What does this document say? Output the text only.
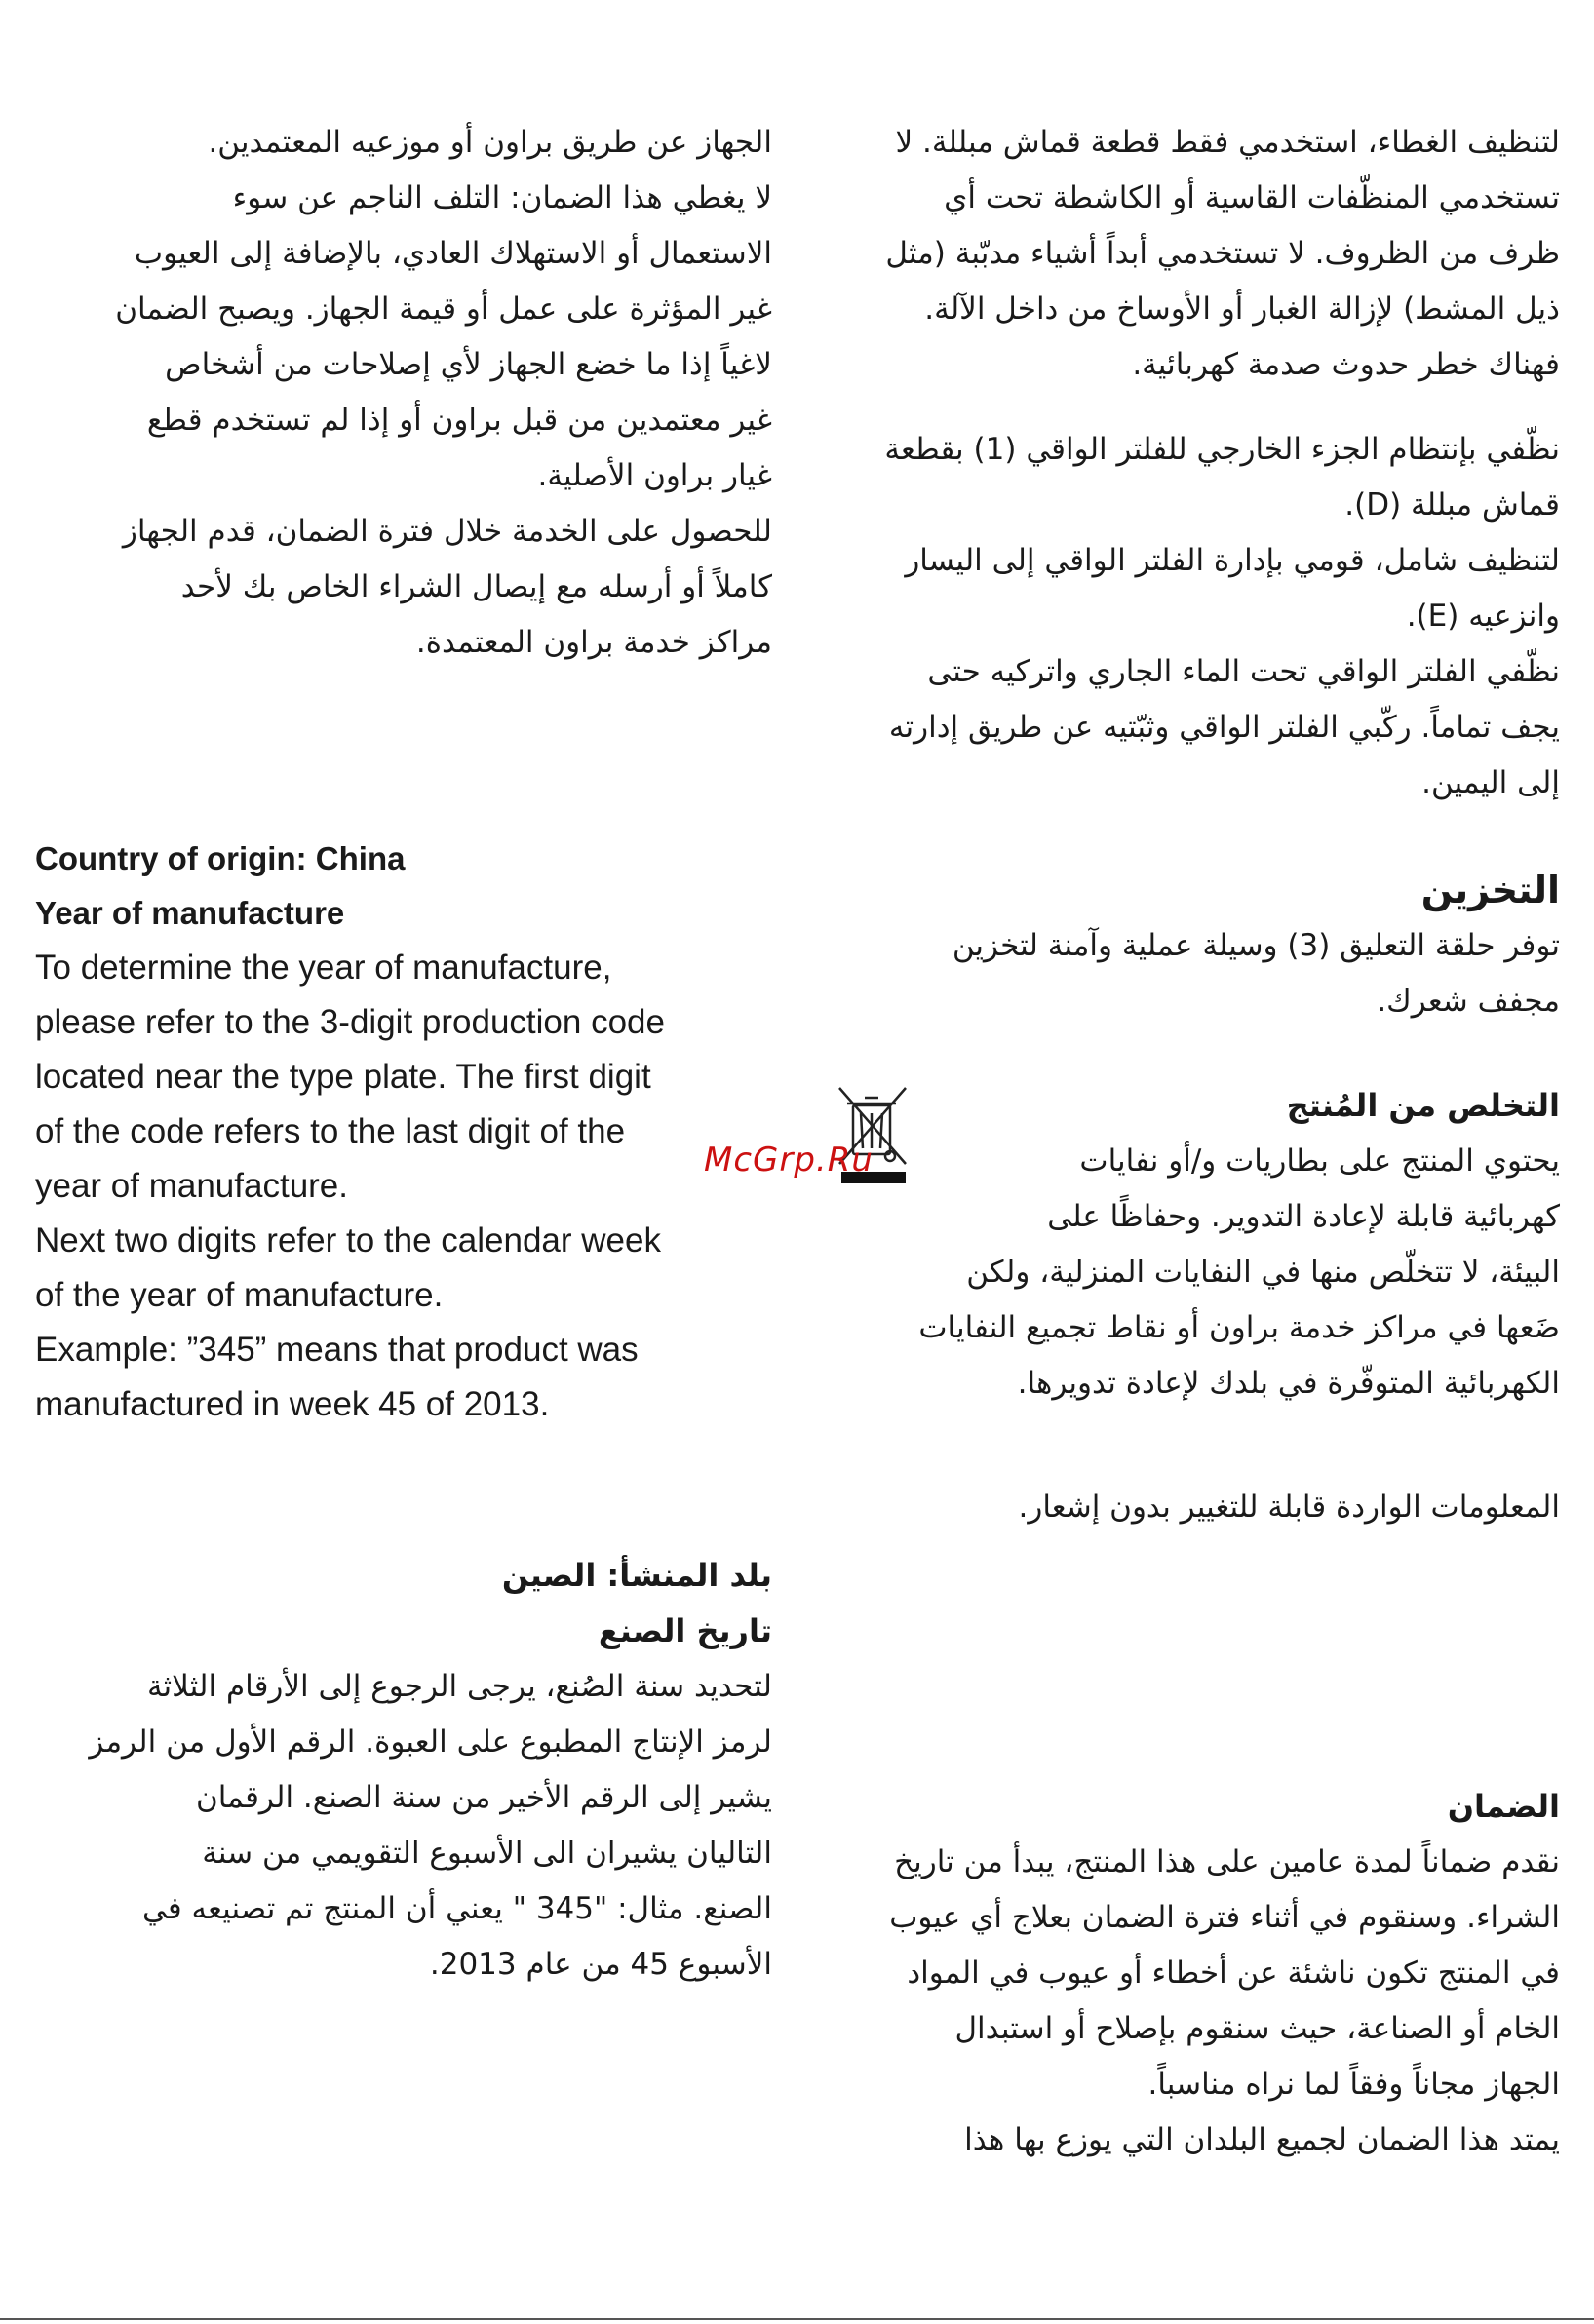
لتنظيف الغطاء، استخدمي فقط قطعة قماش مبللة. لا

تستخدمي المنظّفات القاسية أو الكاشطة تحت أي

ظرف من الظروف. لا تستخدمي أبداً أشياء مدبّبة (مثل

ذيل المشط) لإزالة الغبار أو الأوساخ من داخل الآلة.

فهناك خطر حدوث صدمة كهربائية.

نظّفي بإنتظام الجزء الخارجي للفلتر الواقي (1) بقطعة

قماش مبللة (D).

لتنظيف شامل، قومي بإدارة الفلتر الواقي إلى اليسار

وانزعيه (E).

نظّفي الفلتر الواقي تحت الماء الجاري واتركيه حتى

يجف تماماً. ركّبي الفلتر الواقي وثبّتيه عن طريق إدارته

إلى اليمين.

التخزين

توفر حلقة التعليق (3) وسيلة عملية وآمنة لتخزين

مجفف شعرك.

التخلص من المُنتج

يحتوي المنتج على بطاريات و/أو نفايات

كهربائية قابلة لإعادة التدوير. وحفاظًا على

البيئة، لا تتخلّص منها في النفايات المنزلية، ولكن

ضَعها في مراكز خدمة براون أو نقاط تجميع النفايات

الكهربائية المتوفّرة في بلدك لإعادة تدويرها.

المعلومات الواردة قابلة للتغيير بدون إشعار.

الضمان

نقدم ضماناً لمدة عامين على هذا المنتج، يبدأ من تاريخ

الشراء. وسنقوم في أثناء فترة الضمان بعلاج أي عيوب

في المنتج تكون ناشئة عن أخطاء أو عيوب في المواد

الخام أو الصناعة، حيث سنقوم بإصلاح أو استبدال

الجهاز مجاناً وفقاً لما نراه مناسباً.

يمتد هذا الضمان لجميع البلدان التي يوزع بها هذا

McGrp.Ru

الجهاز عن طريق براون أو موزعيه المعتمدين.

لا يغطي هذا الضمان: التلف الناجم عن سوء

الاستعمال أو الاستهلاك العادي، بالإضافة إلى العيوب

غير المؤثرة على عمل أو قيمة الجهاز. ويصبح الضمان

لاغياً إذا ما خضع الجهاز لأي إصلاحات من أشخاص

غير معتمدين من قبل براون أو إذا لم تستخدم قطع

غيار براون الأصلية.

للحصول على الخدمة خلال فترة الضمان، قدم الجهاز

كاملاً أو أرسله مع إيصال الشراء الخاص بك لأحد

مراكز خدمة براون المعتمدة.

Country of origin: China

Year of manufacture

To determine the year of manufacture,

please refer to the 3-digit production code

located near the type plate. The first digit

of the code refers to the last digit of the

year of manufacture.

Next two digits refer to the calendar week

of the year of manufacture.

Example: ”345” means that product was

manufactured in week 45 of 2013.

بلد المنشأ: الصين

تاريخ الصنع

لتحديد سنة الصُنع، يرجى الرجوع إلى الأرقام الثلاثة

لرمز الإنتاج المطبوع على العبوة. الرقم الأول من الرمز

يشير إلى الرقم الأخير من سنة الصنع. الرقمان

التاليان يشيران الى الأسبوع التقويمي من سنة

الصنع. مثال: "345 " يعني أن المنتج تم تصنيعه في

الأسبوع 45 من عام 2013.
